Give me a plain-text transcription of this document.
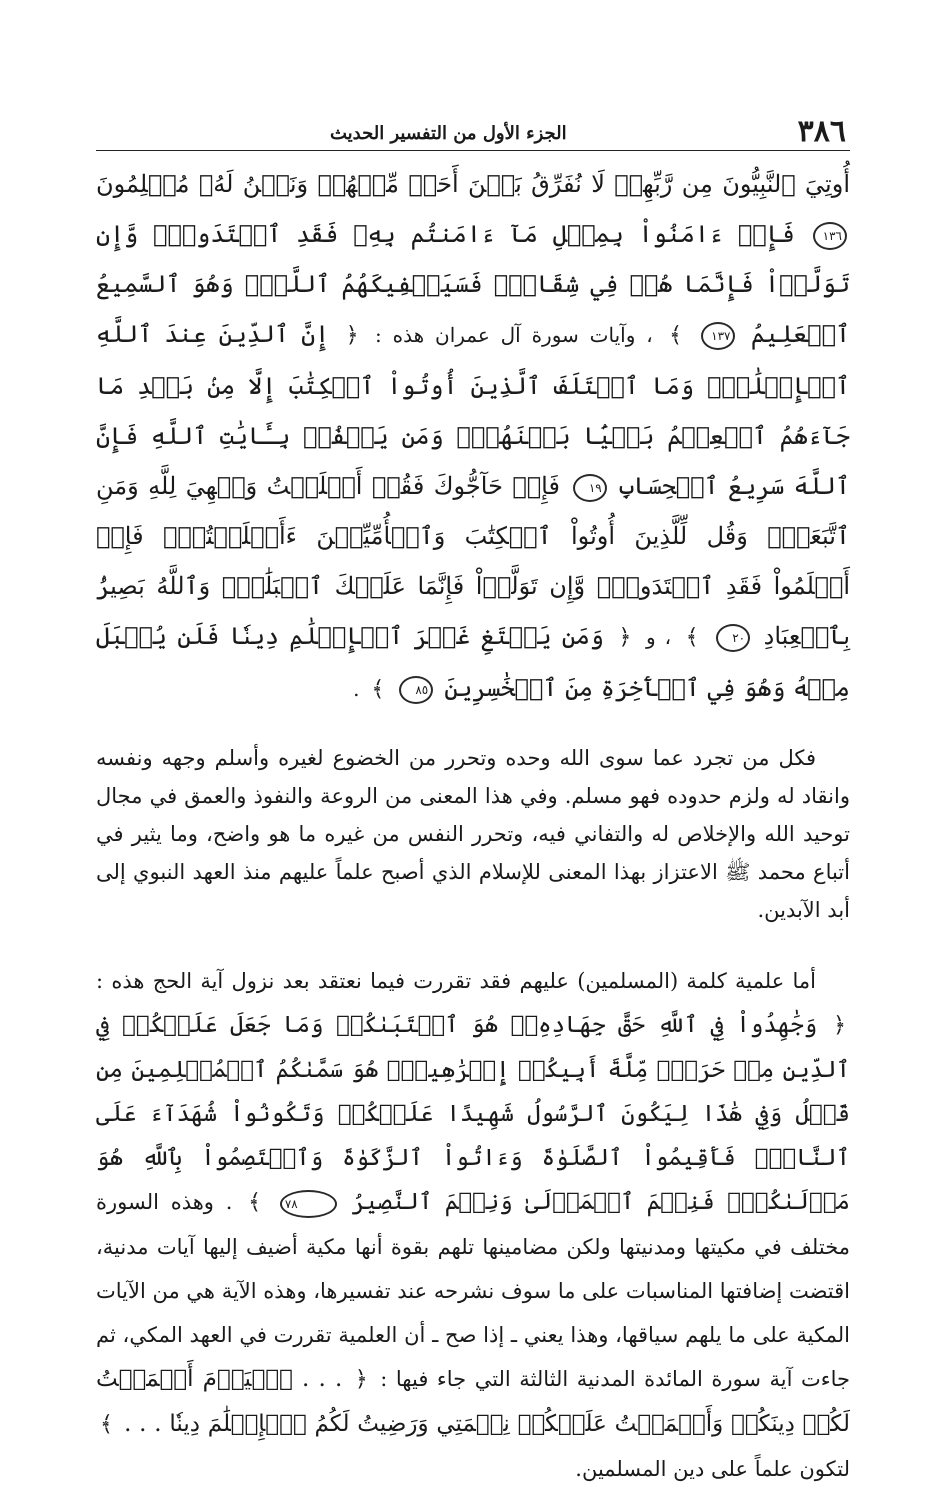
٣٨٦
الجزء الأول من التفسير الحديث

أُوتِيَ ٱلنَّبِيُّونَ مِن رَّبِّهِمۡ لَا نُفَرِّقُ بَيۡنَ أَحَدٖ مِّنۡهُمۡ وَنَحۡنُ لَهُۥ مُسۡلِمُونَ ١٣٦ فَإِنۡ ءَامَنُواْ بِمِثۡلِ مَآ ءَامَنتُم بِهِۦ فَقَدِ ٱهۡتَدَواْۖ وَّإِن تَوَلَّوۡاْ فَإِنَّمَا هُمۡ فِي شِقَاقٖۖ فَسَيَكۡفِيكَهُمُ ٱللَّهُۚ وَهُوَ ٱلسَّمِيعُ ٱلۡعَلِيمُ ١٣٧ ﴾ ، وآيات سورة آل عمران هذه : ﴿ إِنَّ ٱلدِّينَ عِندَ ٱللَّهِ ٱلۡإِسۡلَٰمُۗ وَمَا ٱخۡتَلَفَ ٱلَّذِينَ أُوتُواْ ٱلۡكِتَٰبَ إِلَّا مِنۢ بَعۡدِ مَا جَآءَهُمُ ٱلۡعِلۡمُ بَغۡيَۢا بَيۡنَهُمۡۗ وَمَن يَكۡفُرۡ بِـَٔايَٰتِ ٱللَّهِ فَإِنَّ ٱللَّهَ سَرِيعُ ٱلۡحِسَابِ ١٩ فَإِنۡ حَآجُّوكَ فَقُلۡ أَسۡلَمۡتُ وَجۡهِيَ لِلَّهِ وَمَنِ ٱتَّبَعَنِۗ وَقُل لِّلَّذِينَ أُوتُواْ ٱلۡكِتَٰبَ وَٱلۡأُمِّيِّـۧنَ ءَأَسۡلَمۡتُمۡۚ فَإِنۡ أَسۡلَمُواْ فَقَدِ ٱهۡتَدَواْۖ وَّإِن تَوَلَّوۡاْ فَإِنَّمَا عَلَيۡكَ ٱلۡبَلَٰغُۗ وَٱللَّهُ بَصِيرُۢ بِٱلۡعِبَادِ ٢٠ ﴾ ، و ﴿ وَمَن يَبۡتَغِ غَيۡرَ ٱلۡإِسۡلَٰمِ دِينٗا فَلَن يُقۡبَلَ مِنۡهُ وَهُوَ فِي ٱلۡأٓخِرَةِ مِنَ ٱلۡخَٰسِرِينَ ٨٥ ﴾ .

فكل من تجرد عما سوى الله وحده وتحرر من الخضوع لغيره وأسلم وجهه ونفسه وانقاد له ولزم حدوده فهو مسلم. وفي هذا المعنى من الروعة والنفوذ والعمق في مجال توحيد الله والإخلاص له والتفاني فيه، وتحرر النفس من غيره ما هو واضح، وما يثير في أتباع محمد ﷺ الاعتزاز بهذا المعنى للإسلام الذي أصبح علماً عليهم منذ العهد النبوي إلى أبد الآبدين.

أما علمية كلمة (المسلمين) عليهم فقد تقررت فيما نعتقد بعد نزول آية الحج هذه : ﴿ وَجَٰهِدُواْ فِي ٱللَّهِ حَقَّ جِهَادِهِۦۚ هُوَ ٱجۡتَبَىٰكُمۡ وَمَا جَعَلَ عَلَيۡكُمۡ فِي ٱلدِّينِ مِنۡ حَرَجٖۚ مِّلَّةَ أَبِيكُمۡ إِبۡرَٰهِيمَۚ هُوَ سَمَّىٰكُمُ ٱلۡمُسۡلِمِينَ مِن قَبۡلُ وَفِي هَٰذَا لِيَكُونَ ٱلرَّسُولُ شَهِيدًا عَلَيۡكُمۡ وَتَكُونُواْ شُهَدَآءَ عَلَى ٱلنَّاسِۚ فَأَقِيمُواْ ٱلصَّلَوٰةَ وَءَاتُواْ ٱلزَّكَوٰةَ وَٱعۡتَصِمُواْ بِٱللَّهِ هُوَ مَوۡلَىٰكُمۡۖ فَنِعۡمَ ٱلۡمَوۡلَىٰ وَنِعۡمَ ٱلنَّصِيرُ ٧٨ ﴾ . وهذه السورة مختلف في مكيتها ومدنيتها ولكن مضامينها تلهم بقوة أنها مكية أضيف إليها آيات مدنية، اقتضت إضافتها المناسبات على ما سوف نشرحه عند تفسيرها، وهذه الآية هي من الآيات المكية على ما يلهم سياقها، وهذا يعني ـ إذا صح ـ أن العلمية تقررت في العهد المكي، ثم جاءت آية سورة المائدة المدنية الثالثة التي جاء فيها : ﴿ . . . ٱلۡيَوۡمَ أَكۡمَلۡتُ لَكُمۡ دِينَكُمۡ وَأَتۡمَمۡتُ عَلَيۡكُمۡ نِعۡمَتِي وَرَضِيتُ لَكُمُ ٱلۡإِسۡلَٰمَ دِينٗا . . . ﴾ لتكون علماً على دين المسلمين.
